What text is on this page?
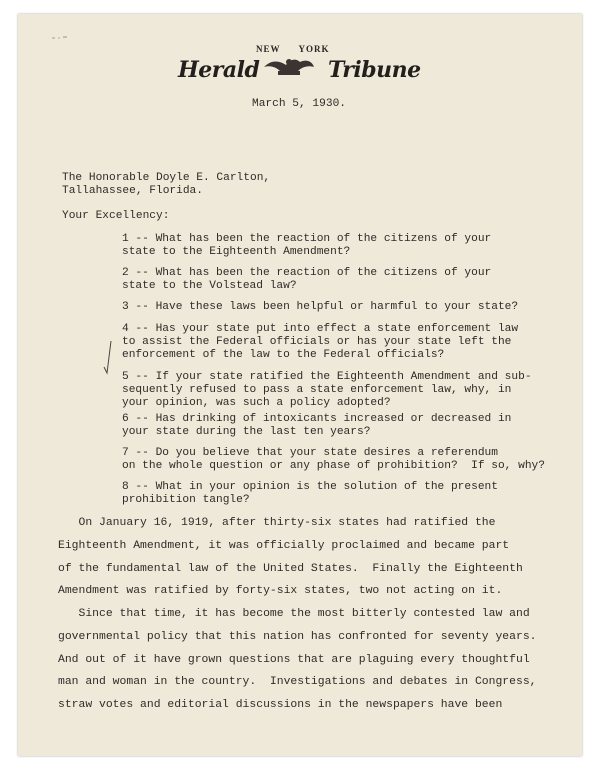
NEW YORK
Herald	Tribune
March 5, 1930.
The Honorable Doyle E. Carlton,
Tallahassee, Florida.
Your Excellency:
1 -- What has been the reaction of the citizens of your
state to the Eighteenth Amendment?
2 -- What has been the reaction of the citizens of your
state to the Volstead law?
3 -- Have these laws been helpful or harmful to your state?
4 -- Has your state put into effect a state enforcement law
to assist the Federal officials or has your state left the
enforcement of the law to the Federal officials?
5 -- If your state ratified the Eighteenth Amendment and sub-
sequently refused to pass a state enforcement law, why, in
your opinion, was such a policy adopted?
6 -- Has drinking of intoxicants increased or decreased in
your state during the last ten years?
7 -- Do you believe that your state desires a referendum
on the whole question or any phase of prohibition?  If so, why?
8 -- What in your opinion is the solution of the present
prohibition tangle?
On January 16, 1919, after thirty-six states had ratified the
Eighteenth Amendment, it was officially proclaimed and became part
of the fundamental law of the United States.  Finally the Eighteenth
Amendment was ratified by forty-six states, two not acting on it.
Since that time, it has become the most bitterly contested law and
governmental policy that this nation has confronted for seventy years.
And out of it have grown questions that are plaguing every thoughtful
man and woman in the country.  Investigations and debates in Congress,
straw votes and editorial discussions in the newspapers have been
